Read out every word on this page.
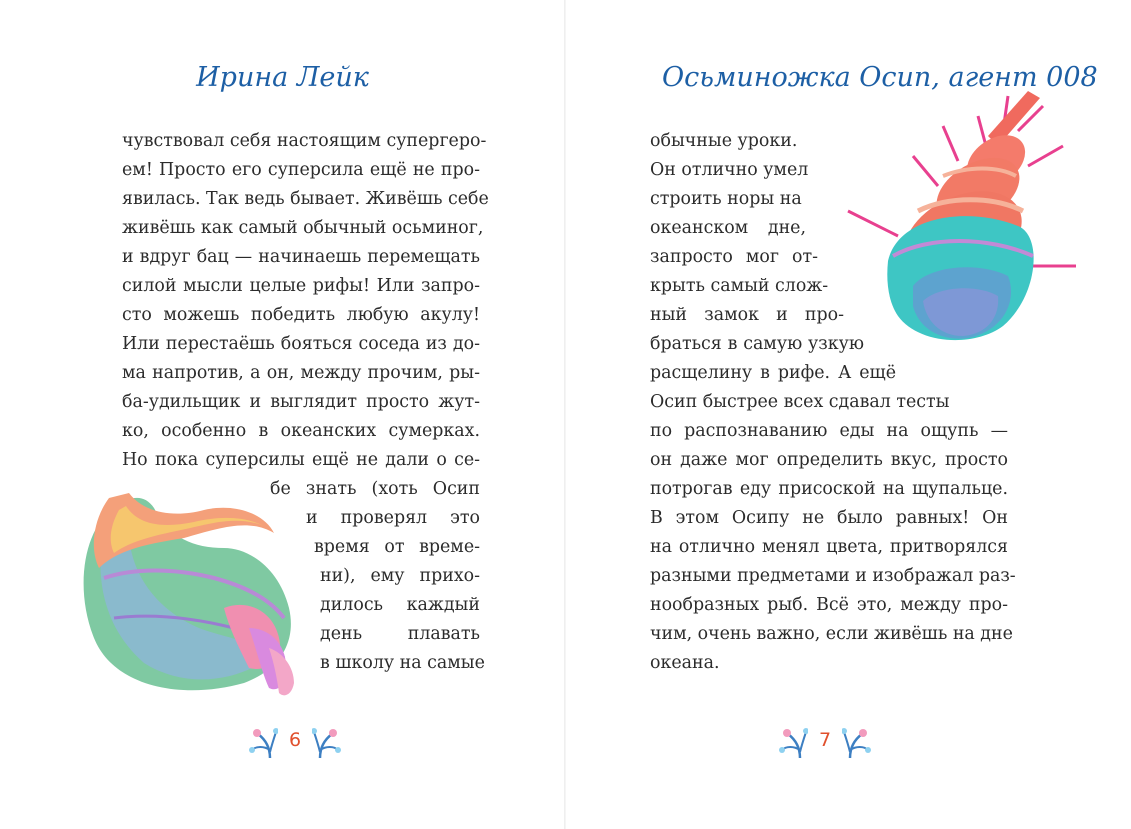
Ирина Лейк
чувствовал себя настоящим супергеро-
ем! Просто его суперсила ещё не про-
явилась. Так ведь бывает. Живёшь себе
живёшь как самый обычный осьминог,
и вдруг бац — начинаешь перемещать
силой мысли целые рифы! Или запро-
сто можешь победить любую акулу!
Или перестаёшь бояться соседа из до-
ма напротив, а он, между прочим, ры-
ба-удильщик и выглядит просто жут-
ко, особенно в океанских сумерках.
Но пока суперсилы ещё не дали о се-
бе знать (хоть Осип
и проверял это
время от време-
ни), ему прихо-
дилось каждый
день плавать
в школу на самые
6
Осьминожка Осип, агент 008
обычные уроки.
Он отлично умел
строить норы на
океанском дне,
запросто мог от-
крыть самый слож-
ный замок и про-
браться в самую узкую
расщелину в рифе. А ещё
Осип быстрее всех сдавал тесты
по распознаванию еды на ощупь —
он даже мог определить вкус, просто
потрогав еду присоской на щупальце.
В этом Осипу не было равных! Он
на отлично менял цвета, притворялся
разными предметами и изображал раз-
нообразных рыб. Всё это, между про-
чим, очень важно, если живёшь на дне
океана.
7
